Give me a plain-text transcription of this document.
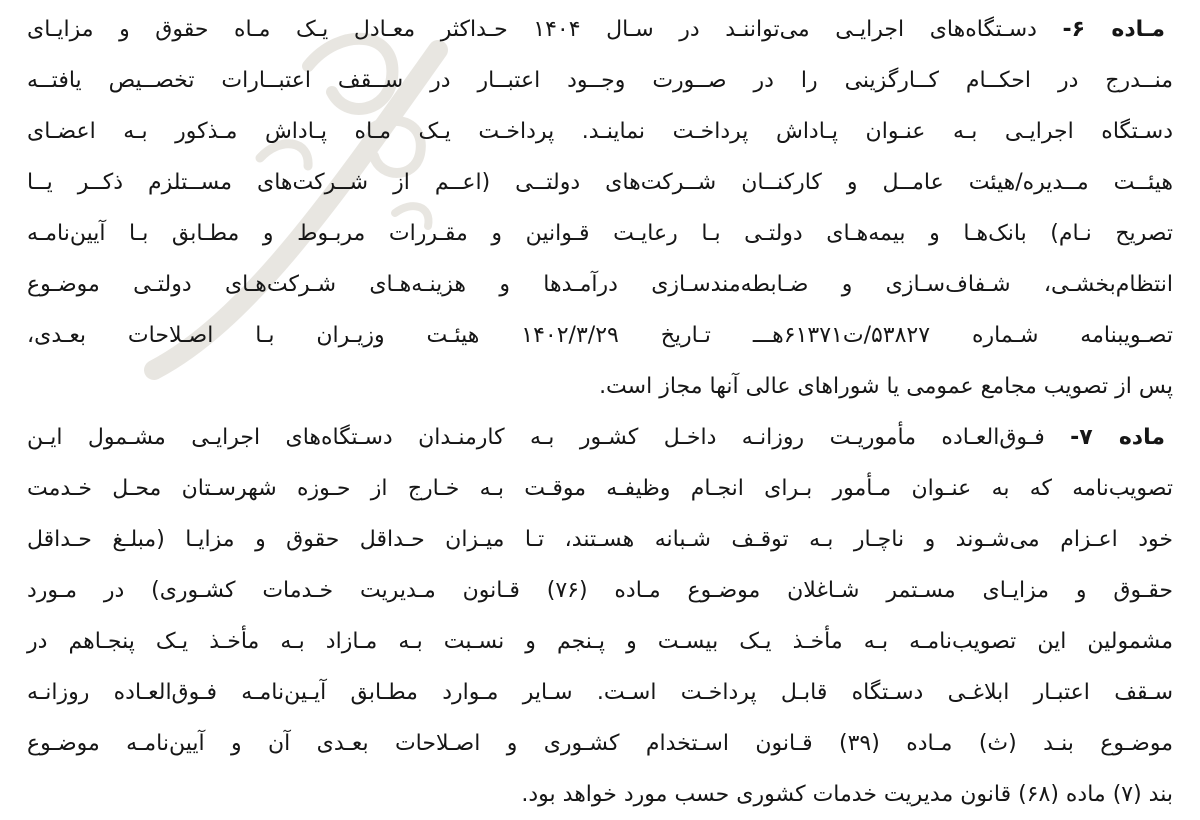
مـاده ۶- دسـتگاه‌های اجرایـی می‌تواننـد در سـال ۱۴۰۴ حـداکثر معـادل یـک مـاه حقوق و مزایـای
منــدرج در احکــام کــارگزینی را در صــورت وجــود اعتبــار در ســقف اعتبــارات تخصــیص یافتــه
دسـتگاه اجرایـی بـه عنـوان پـاداش پرداخـت نماینـد. پرداخـت یـک مـاه پـاداش مـذکور بـه اعضـای
هیئــت مــدیره/هیئت عامــل و کارکنــان شــرکت‌های دولتــی (اعــم از شــرکت‌های مســتلزم ذکــر یــا
تصریح نـام) بانک‌هـا و بیمه‌هـای دولتـی بـا رعایـت قـوانین و مقـررات مربـوط و مطـابق بـا آیین‌نامـه
انتظام‌بخشـی، شـفاف‌سـازی و ضـابطه‌مندسـازی درآمـدها و هزینـه‌هـای شـرکت‌هـای دولتـی موضـوع
تصـویبنامه شـماره ۵۳۸۲۷/ت۶۱۳۷۱هـــ تـاریخ ۱۴۰۲/۳/۲۹ هیئـت وزیـران بـا اصـلاحات بعـدی،
پس از تصویب مجامع عمومی یا شوراهای عالی آنها مجاز است.
ماده ۷- فـوق‌العـاده مأموریـت روزانـه داخـل کشـور بـه کارمنـدان دسـتگاه‌های اجرایـی مشـمول ایـن
تصویب‌نامه که به عنـوان مـأمور بـرای انجـام وظیفـه موقـت بـه خـارج از حـوزه شهرسـتان محـل خـدمت
خود اعـزام می‌شـوند و ناچـار بـه توقـف شـبانه هسـتند، تـا میـزان حـداقل حقوق و مزایـا (مبلـغ حـداقل
حقـوق و مزایـای مسـتمر شـاغلان موضـوع مـاده (۷۶) قـانون مـدیریت خـدمات کشـوری) در مـورد
مشمولین این تصویب‌نامـه بـه مأخـذ یـک بیسـت و پـنجم و نسـبت بـه مـازاد بـه مأخـذ یـک پنجـاهم در
سـقف اعتبـار ابلاغـی دسـتگاه قابـل پرداخـت اسـت. سـایر مـوارد مطـابق آیـین‌نامـه فـوق‌العـاده روزانـه
موضـوع بنـد (ث) مـاده (۳۹) قـانون اسـتخدام کشـوری و اصـلاحات بعـدی آن و آیین‌نامـه موضـوع
بند (۷) ماده (۶۸) قانون مدیریت خدمات کشوری حسب مورد خواهد بود.
